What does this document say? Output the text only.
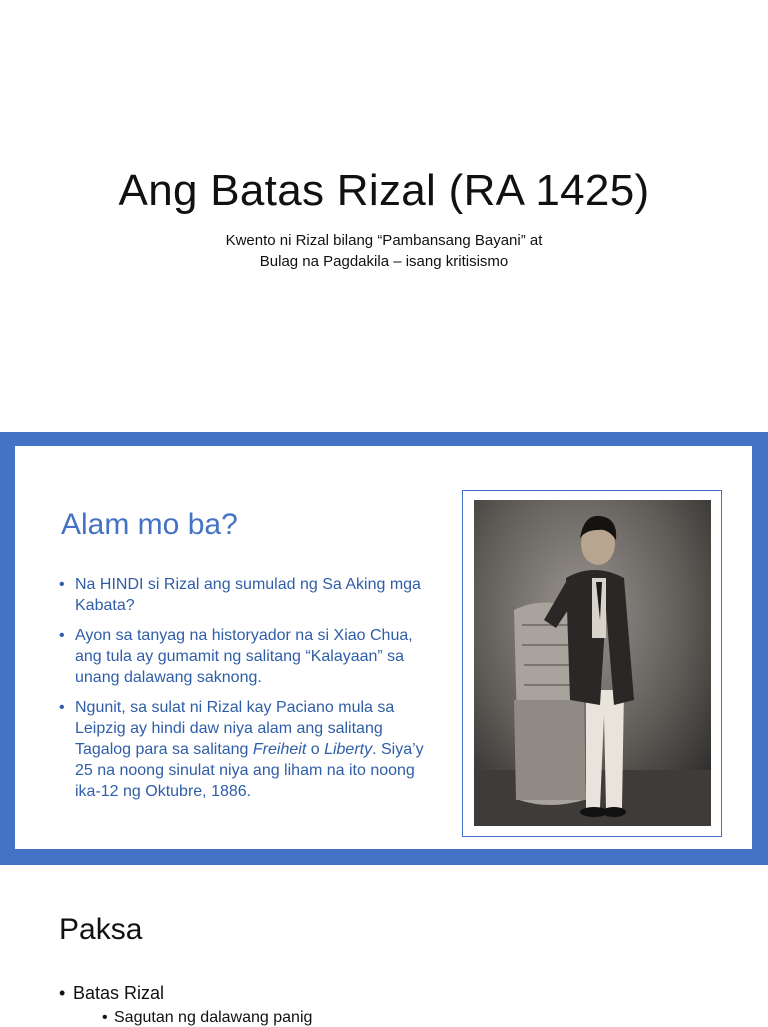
Ang Batas Rizal (RA 1425)
Kwento ni Rizal bilang “Pambansang Bayani” at
Bulag na Pagdakila – isang kritisismo
Alam mo ba?
• Na HINDI si Rizal ang sumulad ng Sa Aking mga Kabata?
• Ayon sa tanyag na historyador na si Xiao Chua, ang tula ay gumamit ng salitang “Kalayaan” sa unang dalawang saknong.
• Ngunit, sa sulat ni Rizal kay Paciano mula sa Leipzig ay hindi daw niya alam ang salitang Tagalog para sa salitang Freiheit o Liberty. Siya’y 25 na noong sinulat niya ang liham na ito noong ika-12 ng Oktubre, 1886.
Paksa
• Batas Rizal
• Sagutan ng dalawang panig
